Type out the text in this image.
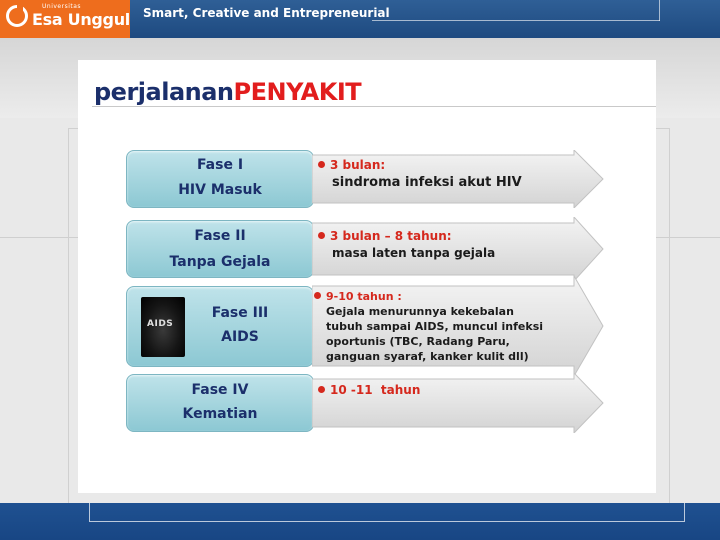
Universitas
Esa Unggul Smart, Creative and Entrepreneurial
perjalananPENYAKIT
Fase I
HIV Masuk
3 bulan:
sindroma infeksi akut HIV
Fase II
Tanpa Gejala
3 bulan – 8 tahun:
masa laten tanpa gejala
AIDS
Fase III
AIDS
9-10 tahun :
Gejala menurunnya kekebalan
tubuh sampai AIDS, muncul infeksi
oportunis (TBC, Radang Paru,
ganguan syaraf, kanker kulit dll)
Fase IV
Kematian
10 -11  tahun
